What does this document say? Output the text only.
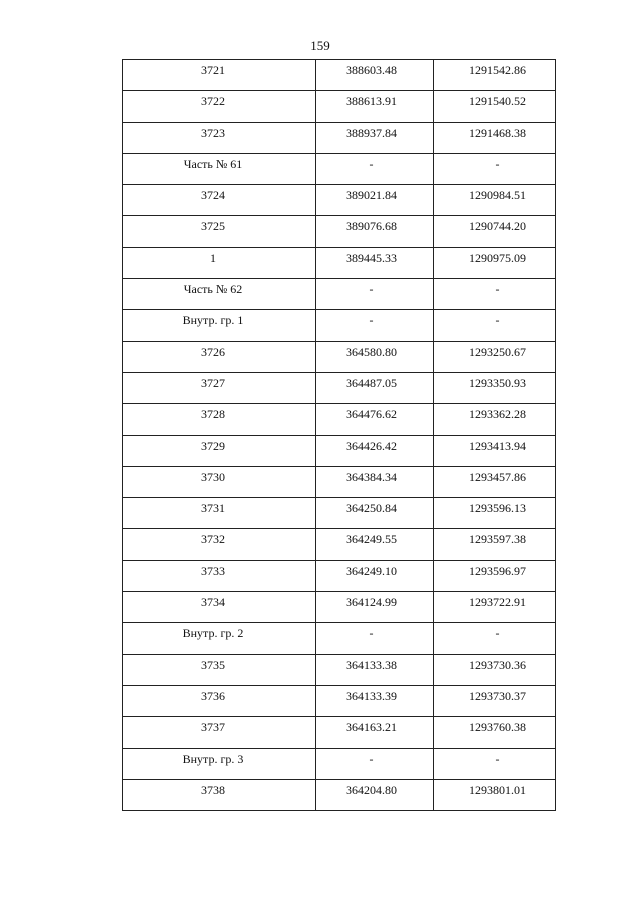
159
3721	388603.48	1291542.86

3722	388613.91	1291540.52

3723	388937.84	1291468.38

Часть № 61	-	-

3724	389021.84	1290984.51

3725	389076.68	1290744.20

1	389445.33	1290975.09

Часть № 62	-	-

Внутр. гр. 1	-	-

3726	364580.80	1293250.67

3727	364487.05	1293350.93

3728	364476.62	1293362.28

3729	364426.42	1293413.94

3730	364384.34	1293457.86

3731	364250.84	1293596.13

3732	364249.55	1293597.38

3733	364249.10	1293596.97

3734	364124.99	1293722.91

Внутр. гр. 2	-	-

3735	364133.38	1293730.36

3736	364133.39	1293730.37

3737	364163.21	1293760.38

Внутр. гр. 3	-	-

3738	364204.80	1293801.01
